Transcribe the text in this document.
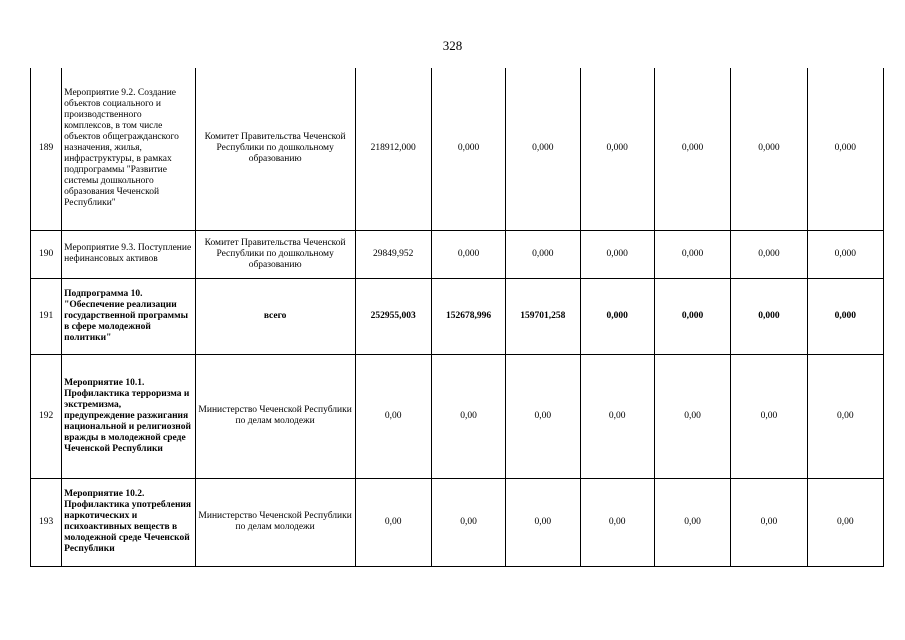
328
189	Мероприятие 9.2. Создание объектов социального и производственного комплексов, в том числе объектов общегражданского назначения, жилья, инфраструктуры, в рамках подпрограммы "Развитие системы дошкольного образования Чеченской Республики"	Комитет Правительства Чеченской Республики по дошкольному образованию	218912,000	0,000	0,000	0,000	0,000	0,000	0,000
190	Мероприятие 9.3. Поступление нефинансовых активов	Комитет Правительства Чеченской Республики по дошкольному образованию	29849,952	0,000	0,000	0,000	0,000	0,000	0,000
191	Подпрограмма 10. "Обеспечение реализации государственной программы в сфере молодежной политики"	всего	252955,003	152678,996	159701,258	0,000	0,000	0,000	0,000
192	Мероприятие 10.1. Профилактика терроризма и экстремизма, предупреждение разжигания национальной и религиозной вражды в молодежной среде Чеченской Республики	Министерство Чеченской Республики по делам молодежи	0,00	0,00	0,00	0,00	0,00	0,00	0,00
193	Мероприятие 10.2. Профилактика употребления наркотических и психоактивных веществ в молодежной среде Чеченской Республики	Министерство Чеченской Республики по делам молодежи	0,00	0,00	0,00	0,00	0,00	0,00	0,00
